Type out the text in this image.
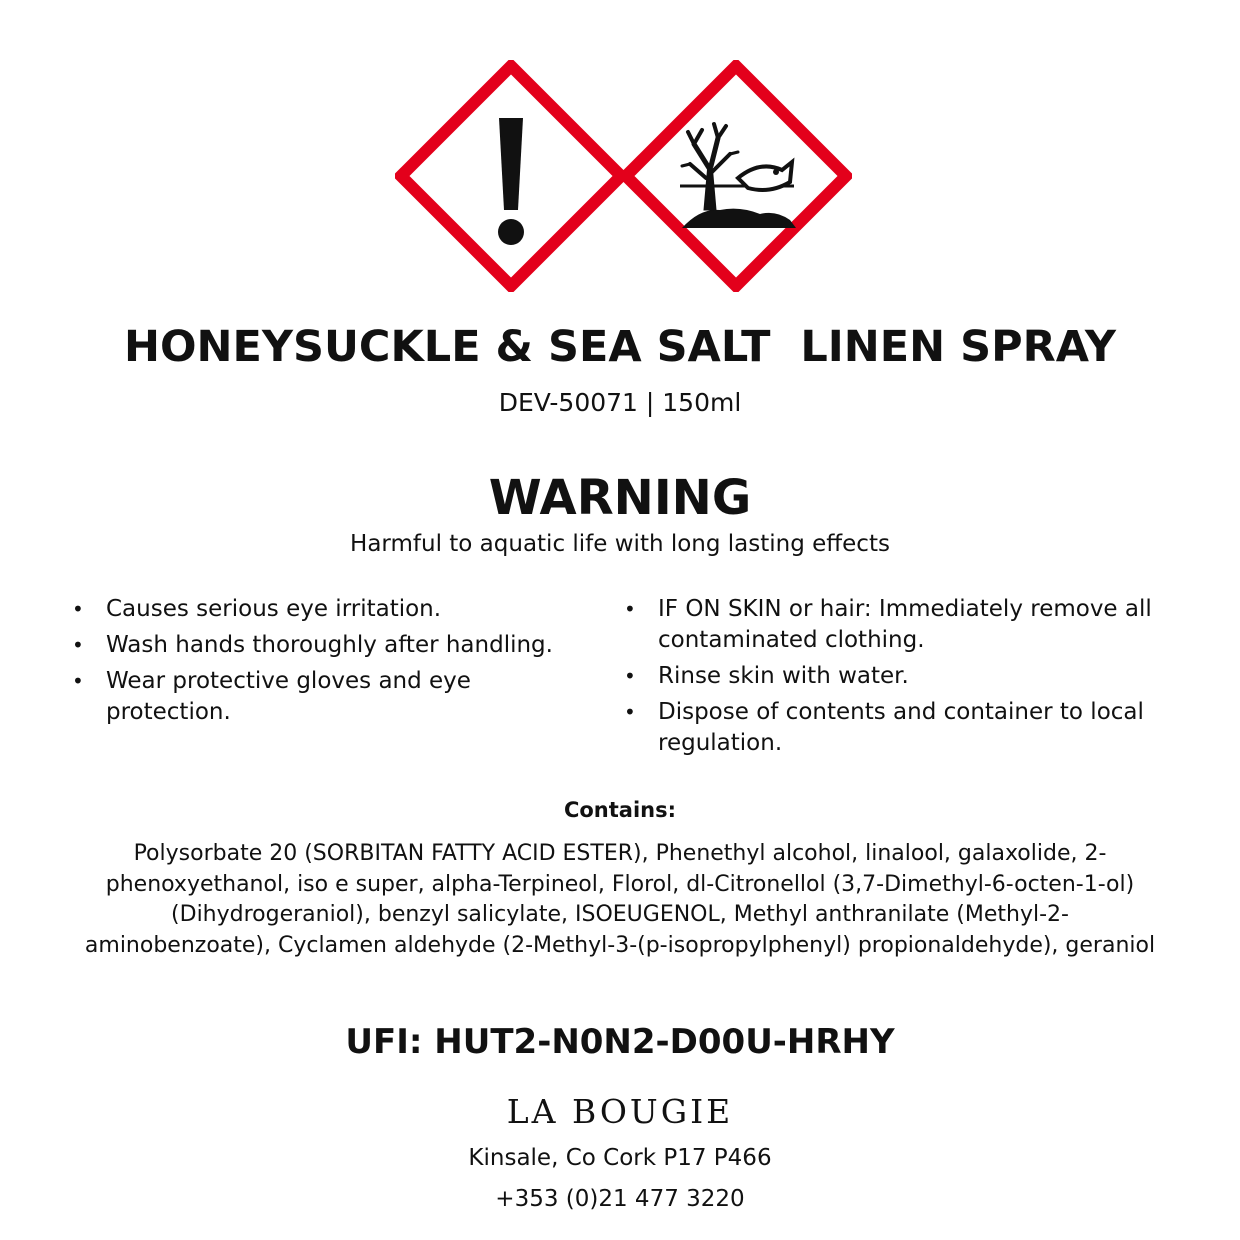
HONEYSUCKLE & SEA SALT  LINEN SPRAY
DEV-50071 | 150ml
WARNING
Harmful to aquatic life with long lasting effects
• Causes serious eye irritation.
• Wash hands thoroughly after handling.
• Wear protective gloves and eye protection.
• IF ON SKIN or hair: Immediately remove all contaminated clothing.
• Rinse skin with water.
• Dispose of contents and container to local regulation.
Contains:
Polysorbate 20 (SORBITAN FATTY ACID ESTER), Phenethyl alcohol, linalool, galaxolide, 2-phenoxyethanol, iso e super, alpha-Terpineol, Florol, dl-Citronellol (3,7-Dimethyl-6-octen-1-ol) (Dihydrogeraniol), benzyl salicylate, ISOEUGENOL, Methyl anthranilate (Methyl-2-aminobenzoate), Cyclamen aldehyde (2-Methyl-3-(p-isopropylphenyl) propionaldehyde), geraniol
UFI: HUT2-N0N2-D00U-HRHY
LA BOUGIE
Kinsale, Co Cork P17 P466
+353 (0)21 477 3220
